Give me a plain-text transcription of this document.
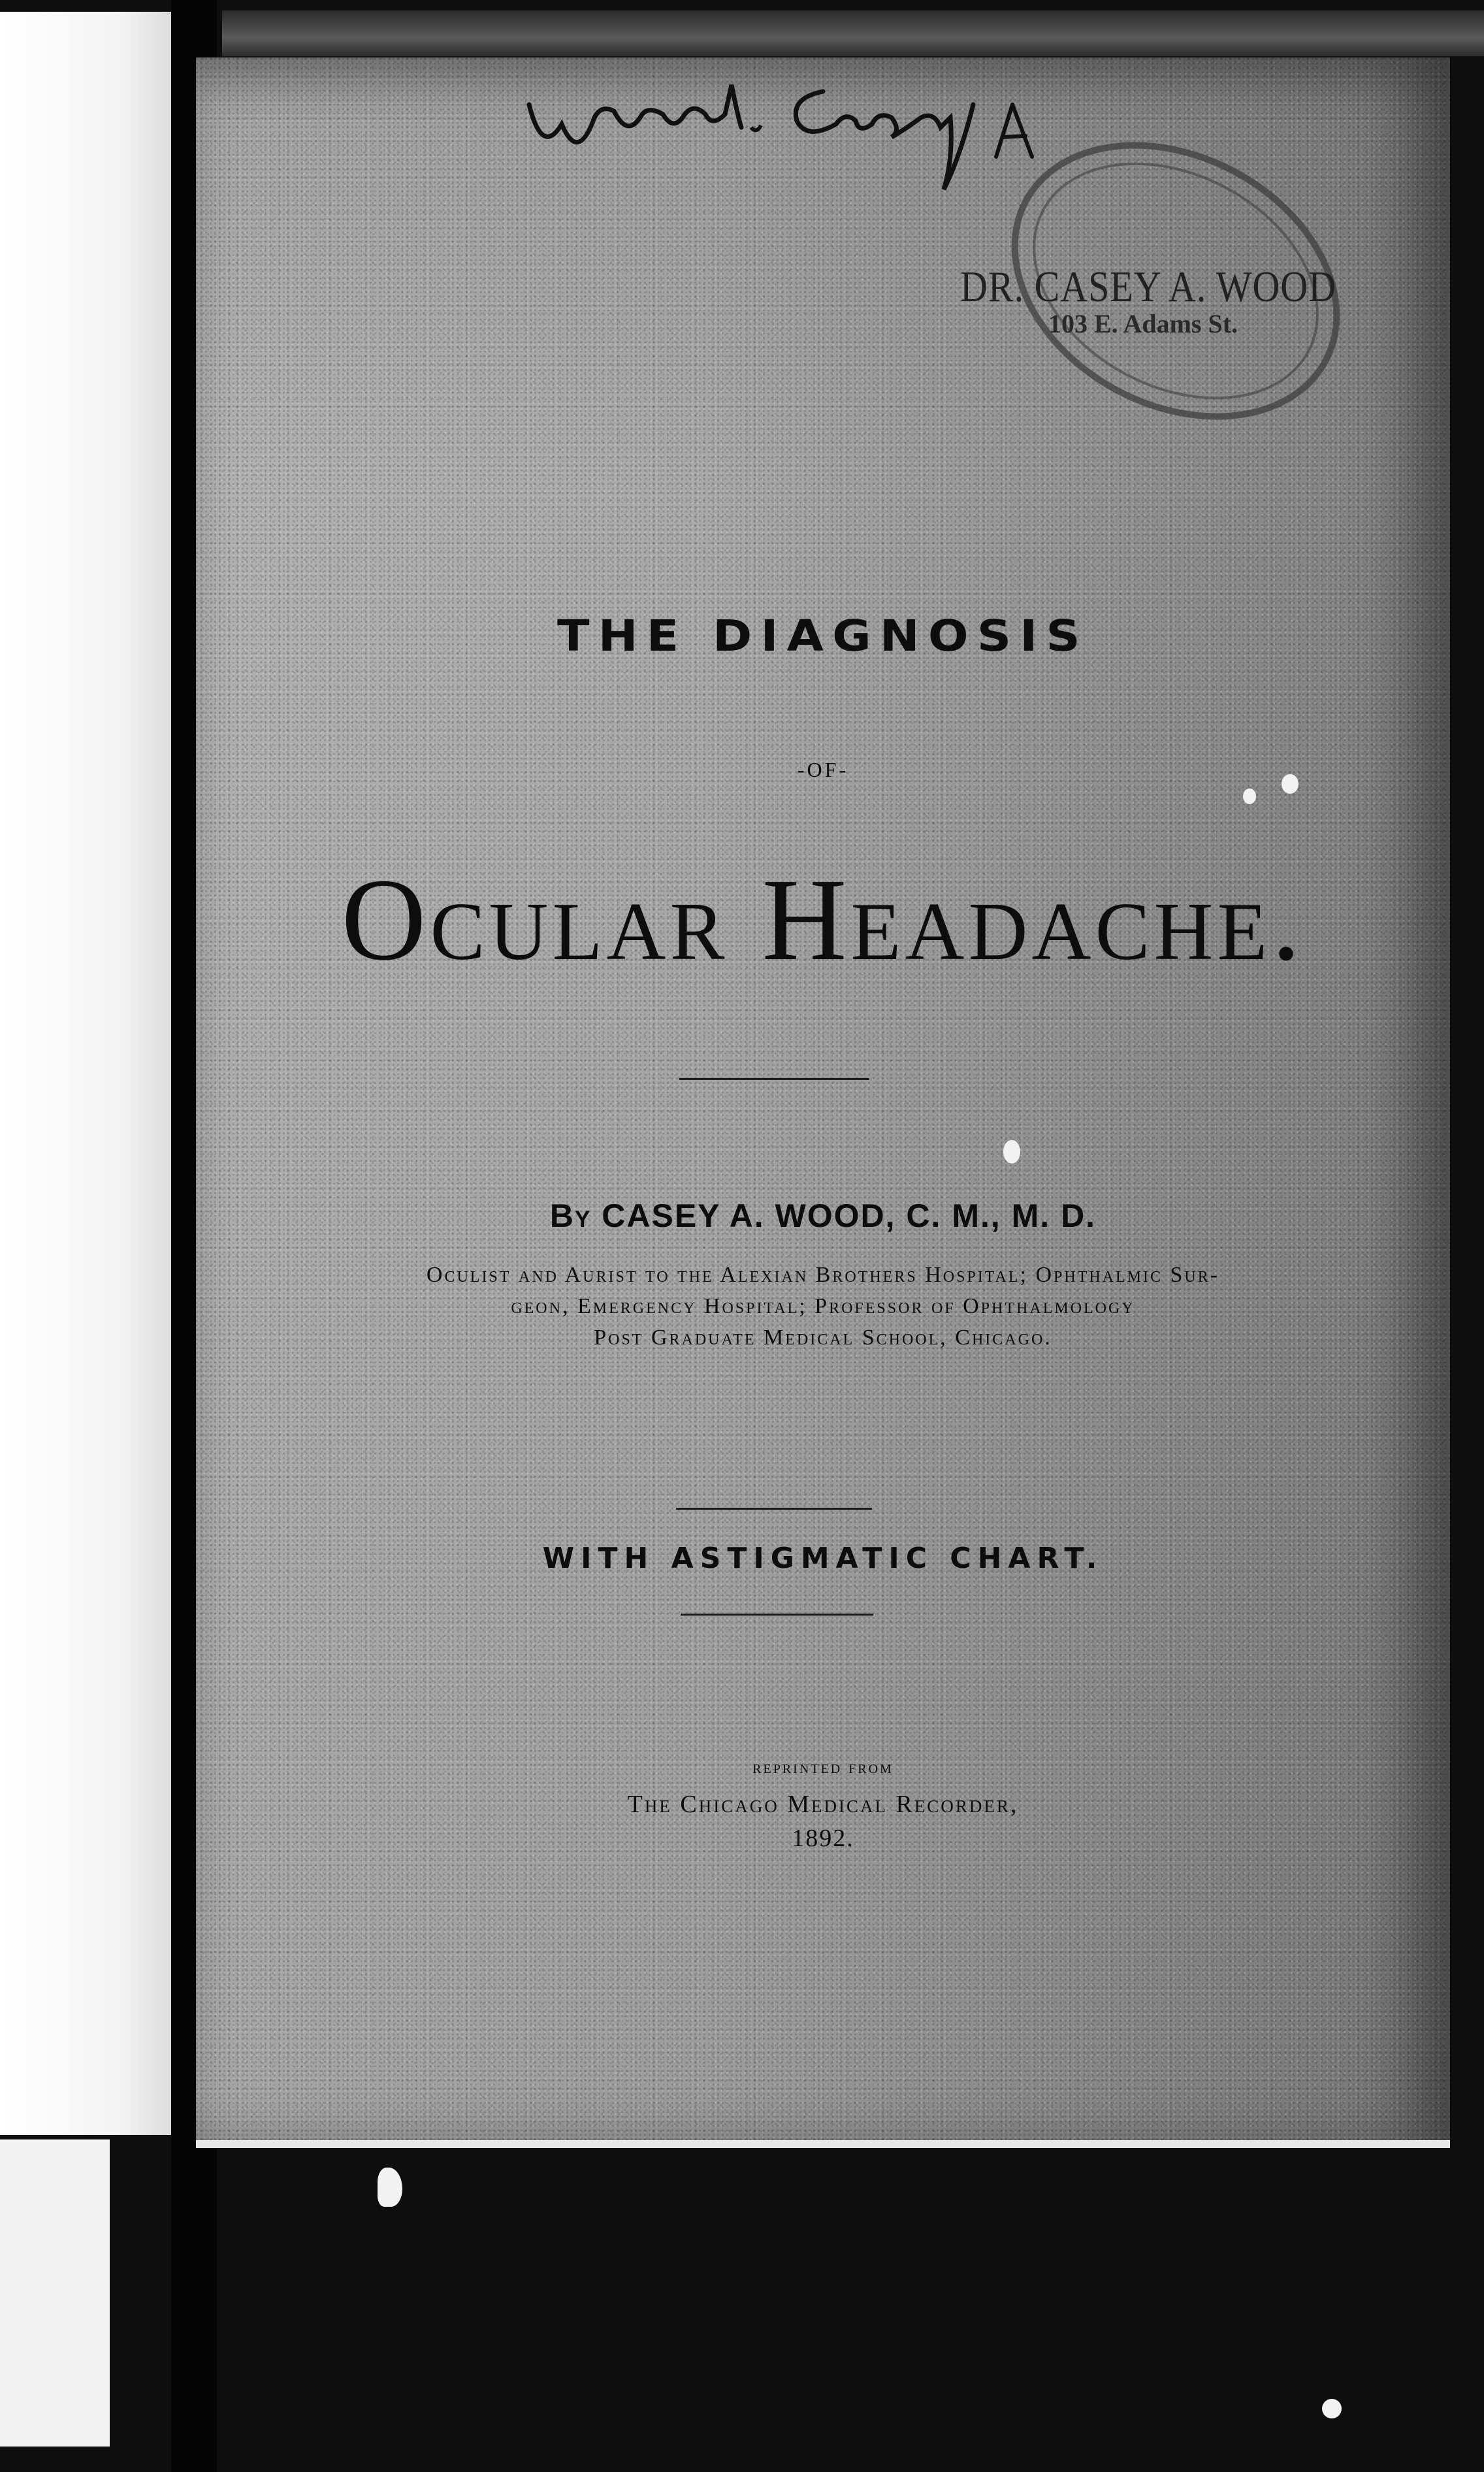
DR. CASEY A. WOOD
103 E. Adams St.
THE DIAGNOSIS
-OF-
Ocular Headache.
By CASEY A. WOOD, C. M., M. D.
Oculist and Aurist to the Alexian Brothers Hospital; Ophthalmic Sur-
geon, Emergency Hospital; Professor of Ophthalmology
Post Graduate Medical School, Chicago.
WITH ASTIGMATIC CHART.
reprinted from
The Chicago Medical Recorder,
1892.
